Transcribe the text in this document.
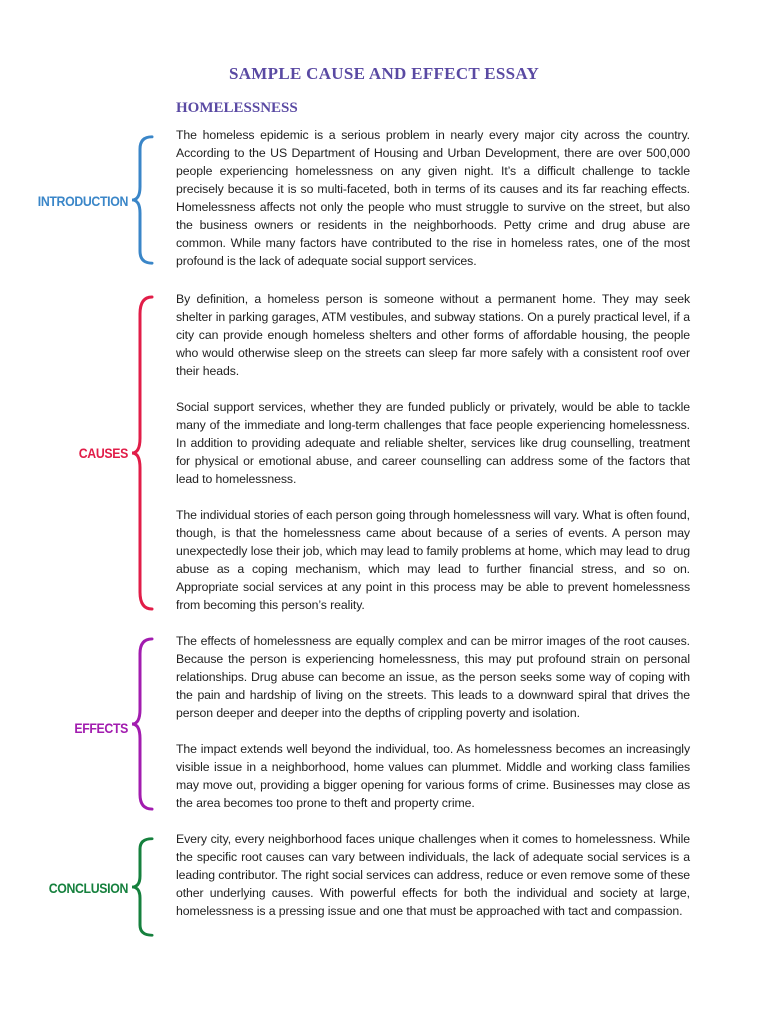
SAMPLE CAUSE AND EFFECT ESSAY
HOMELESSNESS
INTRODUCTION

The homeless epidemic is a serious problem in nearly every major city across the country. According to the US Department of Housing and Urban Development, there are over 500,000 people experiencing homelessness on any given night. It’s a difficult challenge to tackle precisely because it is so multi-faceted, both in terms of its causes and its far reaching effects. Homelessness affects not only the people who must struggle to survive on the street, but also the business owners or residents in the neighborhoods. Petty crime and drug abuse are common. While many factors have contributed to the rise in homeless rates, one of the most profound is the lack of adequate social support services.

CAUSES

By definition, a homeless person is someone without a permanent home. They may seek shelter in parking garages, ATM vestibules, and subway stations. On a purely practical level, if a city can provide enough homeless shelters and other forms of affordable housing, the people who would otherwise sleep on the streets can sleep far more safely with a consistent roof over their heads.

Social support services, whether they are funded publicly or privately, would be able to tackle many of the immediate and long-term challenges that face people experiencing homelessness. In addition to providing adequate and reliable shelter, services like drug counselling, treatment for physical or emotional abuse, and career counselling can address some of the factors that lead to homelessness.

The individual stories of each person going through homelessness will vary. What is often found, though, is that the homelessness came about because of a series of events. A person may unexpectedly lose their job, which may lead to family problems at home, which may lead to drug abuse as a coping mechanism, which may lead to further financial stress, and so on. Appropriate social services at any point in this process may be able to prevent homelessness from becoming this person’s reality.

EFFECTS

The effects of homelessness are equally complex and can be mirror images of the root causes. Because the person is experiencing homelessness, this may put profound strain on personal relationships. Drug abuse can become an issue, as the person seeks some way of coping with the pain and hardship of living on the streets. This leads to a downward spiral that drives the person deeper and deeper into the depths of crippling poverty and isolation.

The impact extends well beyond the individual, too. As homelessness becomes an increasingly visible issue in a neighborhood, home values can plummet. Middle and working class families may move out, providing a bigger opening for various forms of crime. Businesses may close as the area becomes too prone to theft and property crime.

CONCLUSION

Every city, every neighborhood faces unique challenges when it comes to homelessness. While the specific root causes can vary between individuals, the lack of adequate social services is a leading contributor. The right social services can address, reduce or even remove some of these other underlying causes. With powerful effects for both the individual and society at large, homelessness is a pressing issue and one that must be approached with tact and compassion.
